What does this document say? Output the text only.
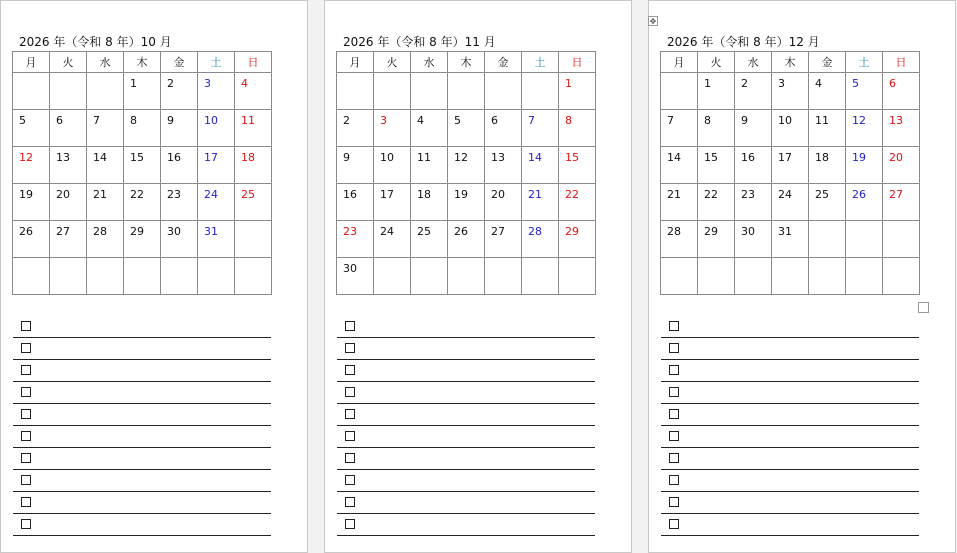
2026 年（令和 8 年）10 月
月	火	水	木	金	土	日
			1	2	3	4
5	6	7	8	9	10	11
12	13	14	15	16	17	18
19	20	21	22	23	24	25
26	27	28	29	30	31	

2026 年（令和 8 年）11 月
月	火	水	木	金	土	日
						1
2	3	4	5	6	7	8
9	10	11	12	13	14	15
16	17	18	19	20	21	22
23	24	25	26	27	28	29
30						
2026 年（令和 8 年）12 月
月	火	水	木	金	土	日
	1	2	3	4	5	6
7	8	9	10	11	12	13
14	15	16	17	18	19	20
21	22	23	24	25	26	27
28	29	30	31			

✥
